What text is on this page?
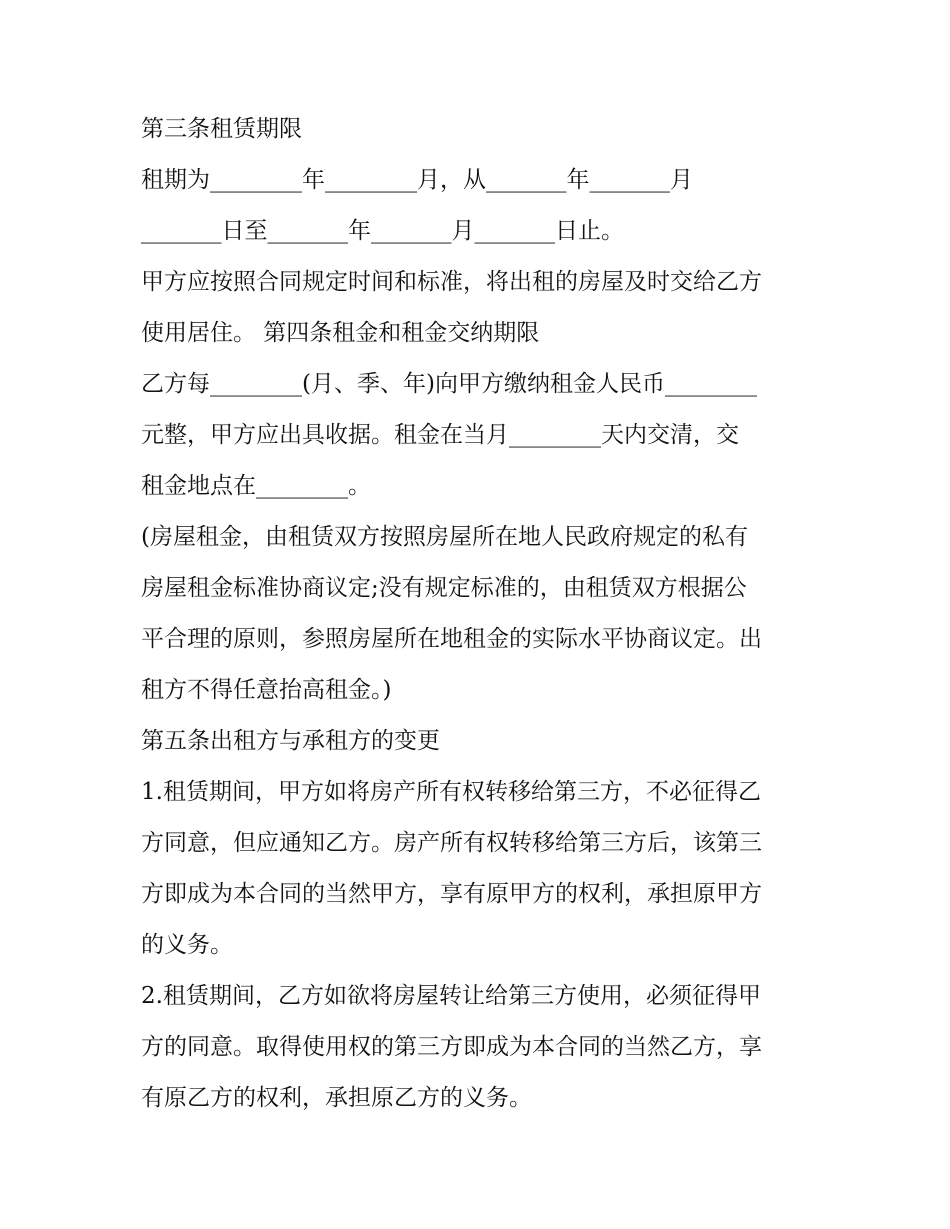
第三条租赁期限
租期为________年________月，从_______年_______月
_______日至_______年_______月_______日止。
甲方应按照合同规定时间和标准，将出租的房屋及时交给乙方
使用居住。 第四条租金和租金交纳期限
乙方每________(月、季、年)向甲方缴纳租金人民币________
元整，甲方应出具收据。租金在当月________天内交清，交
租金地点在________。
(房屋租金，由租赁双方按照房屋所在地人民政府规定的私有
房屋租金标准协商议定;没有规定标准的，由租赁双方根据公
平合理的原则，参照房屋所在地租金的实际水平协商议定。出
租方不得任意抬高租金。)
第五条出租方与承租方的变更
1.租赁期间，甲方如将房产所有权转移给第三方，不必征得乙
方同意，但应通知乙方。房产所有权转移给第三方后，该第三
方即成为本合同的当然甲方，享有原甲方的权利，承担原甲方
的义务。
2.租赁期间，乙方如欲将房屋转让给第三方使用，必须征得甲
方的同意。取得使用权的第三方即成为本合同的当然乙方，享
有原乙方的权利，承担原乙方的义务。
